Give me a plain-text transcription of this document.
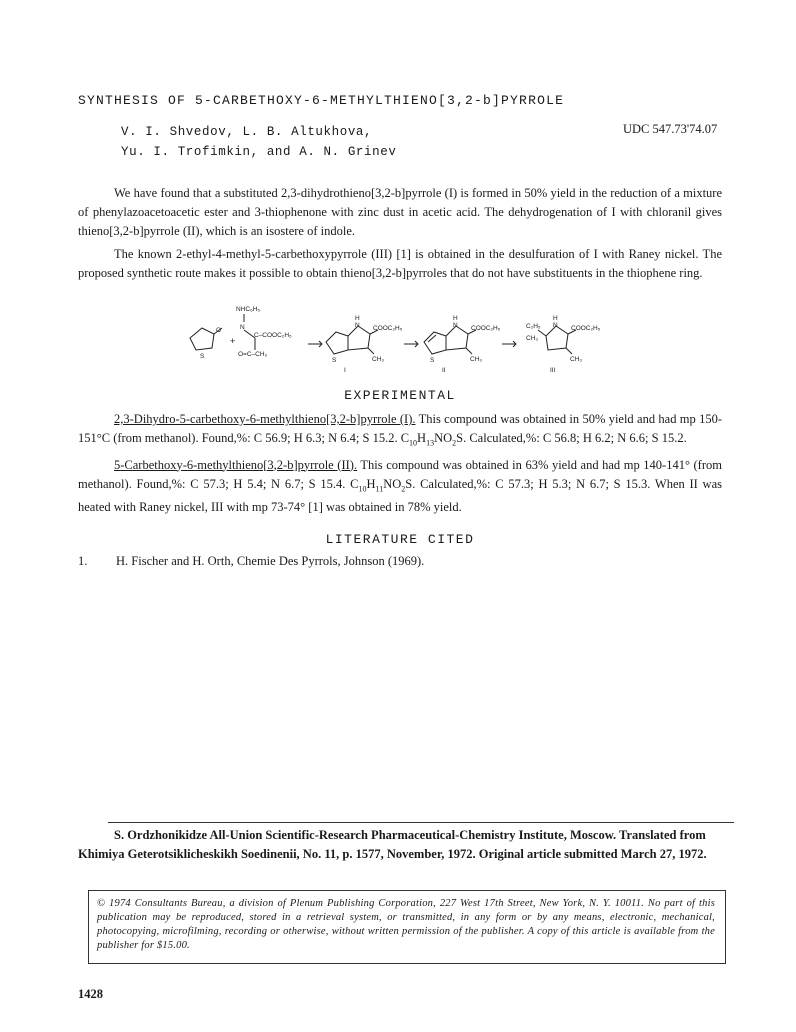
SYNTHESIS OF 5-CARBETHOXY-6-METHYLTHIENO[3,2-b]PYRROLE
V. I. Shvedov, L. B. Altukhova,
Yu. I. Trofimkin, and A. N. Grinev
UDC 547.73'74.07

We have found that a substituted 2,3-dihydrothieno[3,2-b]pyrrole (I) is formed in 50% yield in the reduction of a mixture of phenylazoacetoacetic ester and 3-thiophenone with zinc dust in acetic acid. The dehydrogenation of I with chloranil gives thieno[3,2-b]pyrrole (II), which is an isostere of indole.

The known 2-ethyl-4-methyl-5-carbethoxypyrrole (III) [1] is obtained in the desulfuration of I with Raney nickel. The proposed synthetic route makes it possible to obtain thieno[3,2-b]pyrroles that do not have substituents in the thiophene ring.

O
S
+
NHC₆H₅
N
C–COOC₂H₅
O=C–CH₃
H
N COOC₂H₅
CH₃
S
I
H
N COOC₂H₅
CH₃
S
II
C₂H₅
CH₃
H
N COOC₂H₅
CH₃
III
EXPERIMENTAL

2,3-Dihydro-5-carbethoxy-6-methylthieno[3,2-b]pyrrole (I). This compound was obtained in 50% yield and had mp 150-151°C (from methanol). Found,%: C 56.9; H 6.3; N 6.4; S 15.2. $C_{10}H_{13}NO_2S$. Calculated,%: C 56.8; H 6.2; N 6.6; S 15.2.

5-Carbethoxy-6-methylthieno[3,2-b]pyrrole (II). This compound was obtained in 63% yield and had mp 140-141° (from methanol). Found,%: C 57.3; H 5.4; N 6.7; S 15.4. $C_{10}H_{11}NO_2S$. Calculated,%: C 57.3; H 5.3; N 6.7; S 15.3. When II was heated with Raney nickel, III with mp 73-74° [1] was obtained in 78% yield.

LITERATURE CITED
1. H. Fischer and H. Orth, Chemie Des Pyrrols, Johnson (1969).

S. Ordzhonikidze All-Union Scientific-Research Pharmaceutical-Chemistry Institute, Moscow. Translated from Khimiya Geterotsiklicheskikh Soedinenii, No. 11, p. 1577, November, 1972. Original article submitted March 27, 1972.

© 1974 Consultants Bureau, a division of Plenum Publishing Corporation, 227 West 17th Street, New York, N. Y. 10011. No part of this publication may be reproduced, stored in a retrieval system, or transmitted, in any form or by any means, electronic, mechanical, photocopying, microfilming, recording or otherwise, without written permission of the publisher. A copy of this article is available from the publisher for $15.00.

1428
